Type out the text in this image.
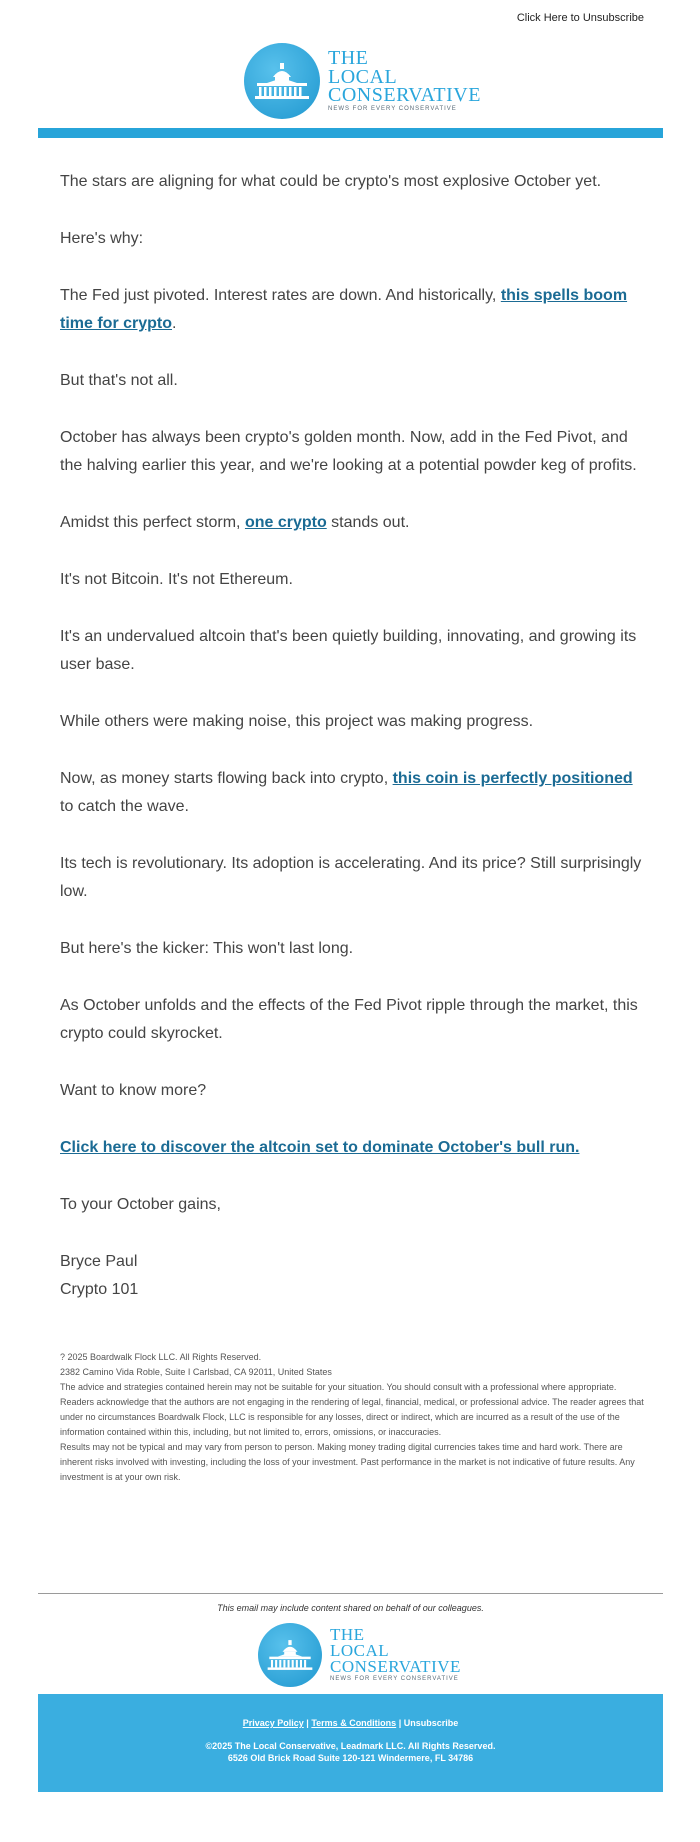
Click Here to Unsubscribe
THE
LOCAL
CONSERVATIVE
NEWS FOR EVERY CONSERVATIVE

The stars are aligning for what could be crypto's most explosive October yet.

Here's why:

The Fed just pivoted. Interest rates are down. And historically, this spells boom time for crypto.

But that's not all.

October has always been crypto's golden month. Now, add in the Fed Pivot, and the halving earlier this year, and we're looking at a potential powder keg of profits.

Amidst this perfect storm, one crypto stands out.

It's not Bitcoin. It's not Ethereum.

It's an undervalued altcoin that's been quietly building, innovating, and growing its user base.

While others were making noise, this project was making progress.

Now, as money starts flowing back into crypto, this coin is perfectly positioned to catch the wave.

Its tech is revolutionary. Its adoption is accelerating. And its price? Still surprisingly low.

But here's the kicker: This won't last long.

As October unfolds and the effects of the Fed Pivot ripple through the market, this crypto could skyrocket.

Want to know more?

Click here to discover the altcoin set to dominate October's bull run.

To your October gains,

Bryce Paul

Crypto 101

? 2025 Boardwalk Flock LLC. All Rights Reserved.
2382 Camino Vida Roble, Suite I Carlsbad, CA 92011, United States
The advice and strategies contained herein may not be suitable for your situation. You should consult with a professional where appropriate. Readers acknowledge that the authors are not engaging in the rendering of legal, financial, medical, or professional advice. The reader agrees that under no circumstances Boardwalk Flock, LLC is responsible for any losses, direct or indirect, which are incurred as a result of the use of the information contained within this, including, but not limited to, errors, omissions, or inaccuracies.
Results may not be typical and may vary from person to person. Making money trading digital currencies takes time and hard work. There are inherent risks involved with investing, including the loss of your investment. Past performance in the market is not indicative of future results. Any investment is at your own risk.
This email may include content shared on behalf of our colleagues.
THE
LOCAL
CONSERVATIVE
NEWS FOR EVERY CONSERVATIVE
Privacy Policy | Terms & Conditions | Unsubscribe
©2025 The Local Conservative, Leadmark LLC. All Rights Reserved.
6526 Old Brick Road Suite 120-121 Windermere, FL 34786
